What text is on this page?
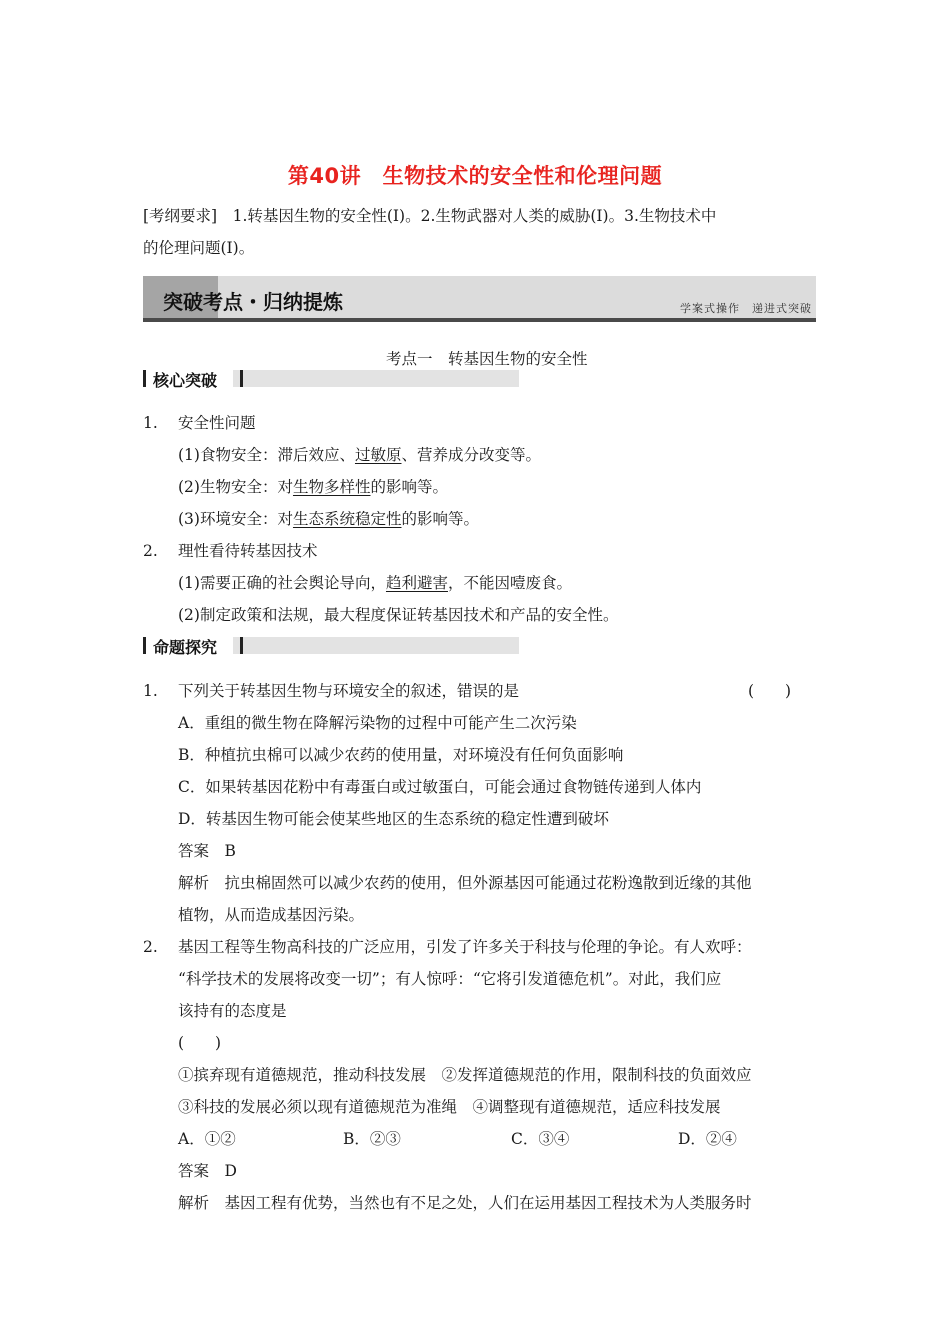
第40讲　生物技术的安全性和伦理问题
[考纲要求]　1.转基因生物的安全性(Ⅰ)。2.生物武器对人类的威胁(Ⅰ)。3.生物技术中
的伦理问题(Ⅰ)。
突破考点・归纳提炼	学案式操作　递进式突破
考点一　转基因生物的安全性
核心突破
1. 安全性问题
(1)食物安全：滞后效应、过敏原、营养成分改变等。
(2)生物安全：对生物多样性的影响等。
(3)环境安全：对生态系统稳定性的影响等。
2. 理性看待转基因技术
(1)需要正确的社会舆论导向，趋利避害，不能因噎废食。
(2)制定政策和法规，最大程度保证转基因技术和产品的安全性。
命题探究
1. 下列关于转基因生物与环境安全的叙述，错误的是	(　　)
A．重组的微生物在降解污染物的过程中可能产生二次污染
B．种植抗虫棉可以减少农药的使用量，对环境没有任何负面影响
C．如果转基因花粉中有毒蛋白或过敏蛋白，可能会通过食物链传递到人体内
D．转基因生物可能会使某些地区的生态系统的稳定性遭到破坏
答案　B
解析　抗虫棉固然可以减少农药的使用，但外源基因可能通过花粉逸散到近缘的其他
植物，从而造成基因污染。
2. 基因工程等生物高科技的广泛应用，引发了许多关于科技与伦理的争论。有人欢呼：
“科学技术的发展将改变一切”；有人惊呼：“它将引发道德危机”。对此，我们应
该持有的态度是
(　　)
①摈弃现有道德规范，推动科技发展　②发挥道德规范的作用，限制科技的负面效应
③科技的发展必须以现有道德规范为准绳　④调整现有道德规范，适应科技发展
A．①②	B．②③	C．③④	D．②④
答案　D
解析　基因工程有优势，当然也有不足之处，人们在运用基因工程技术为人类服务时
